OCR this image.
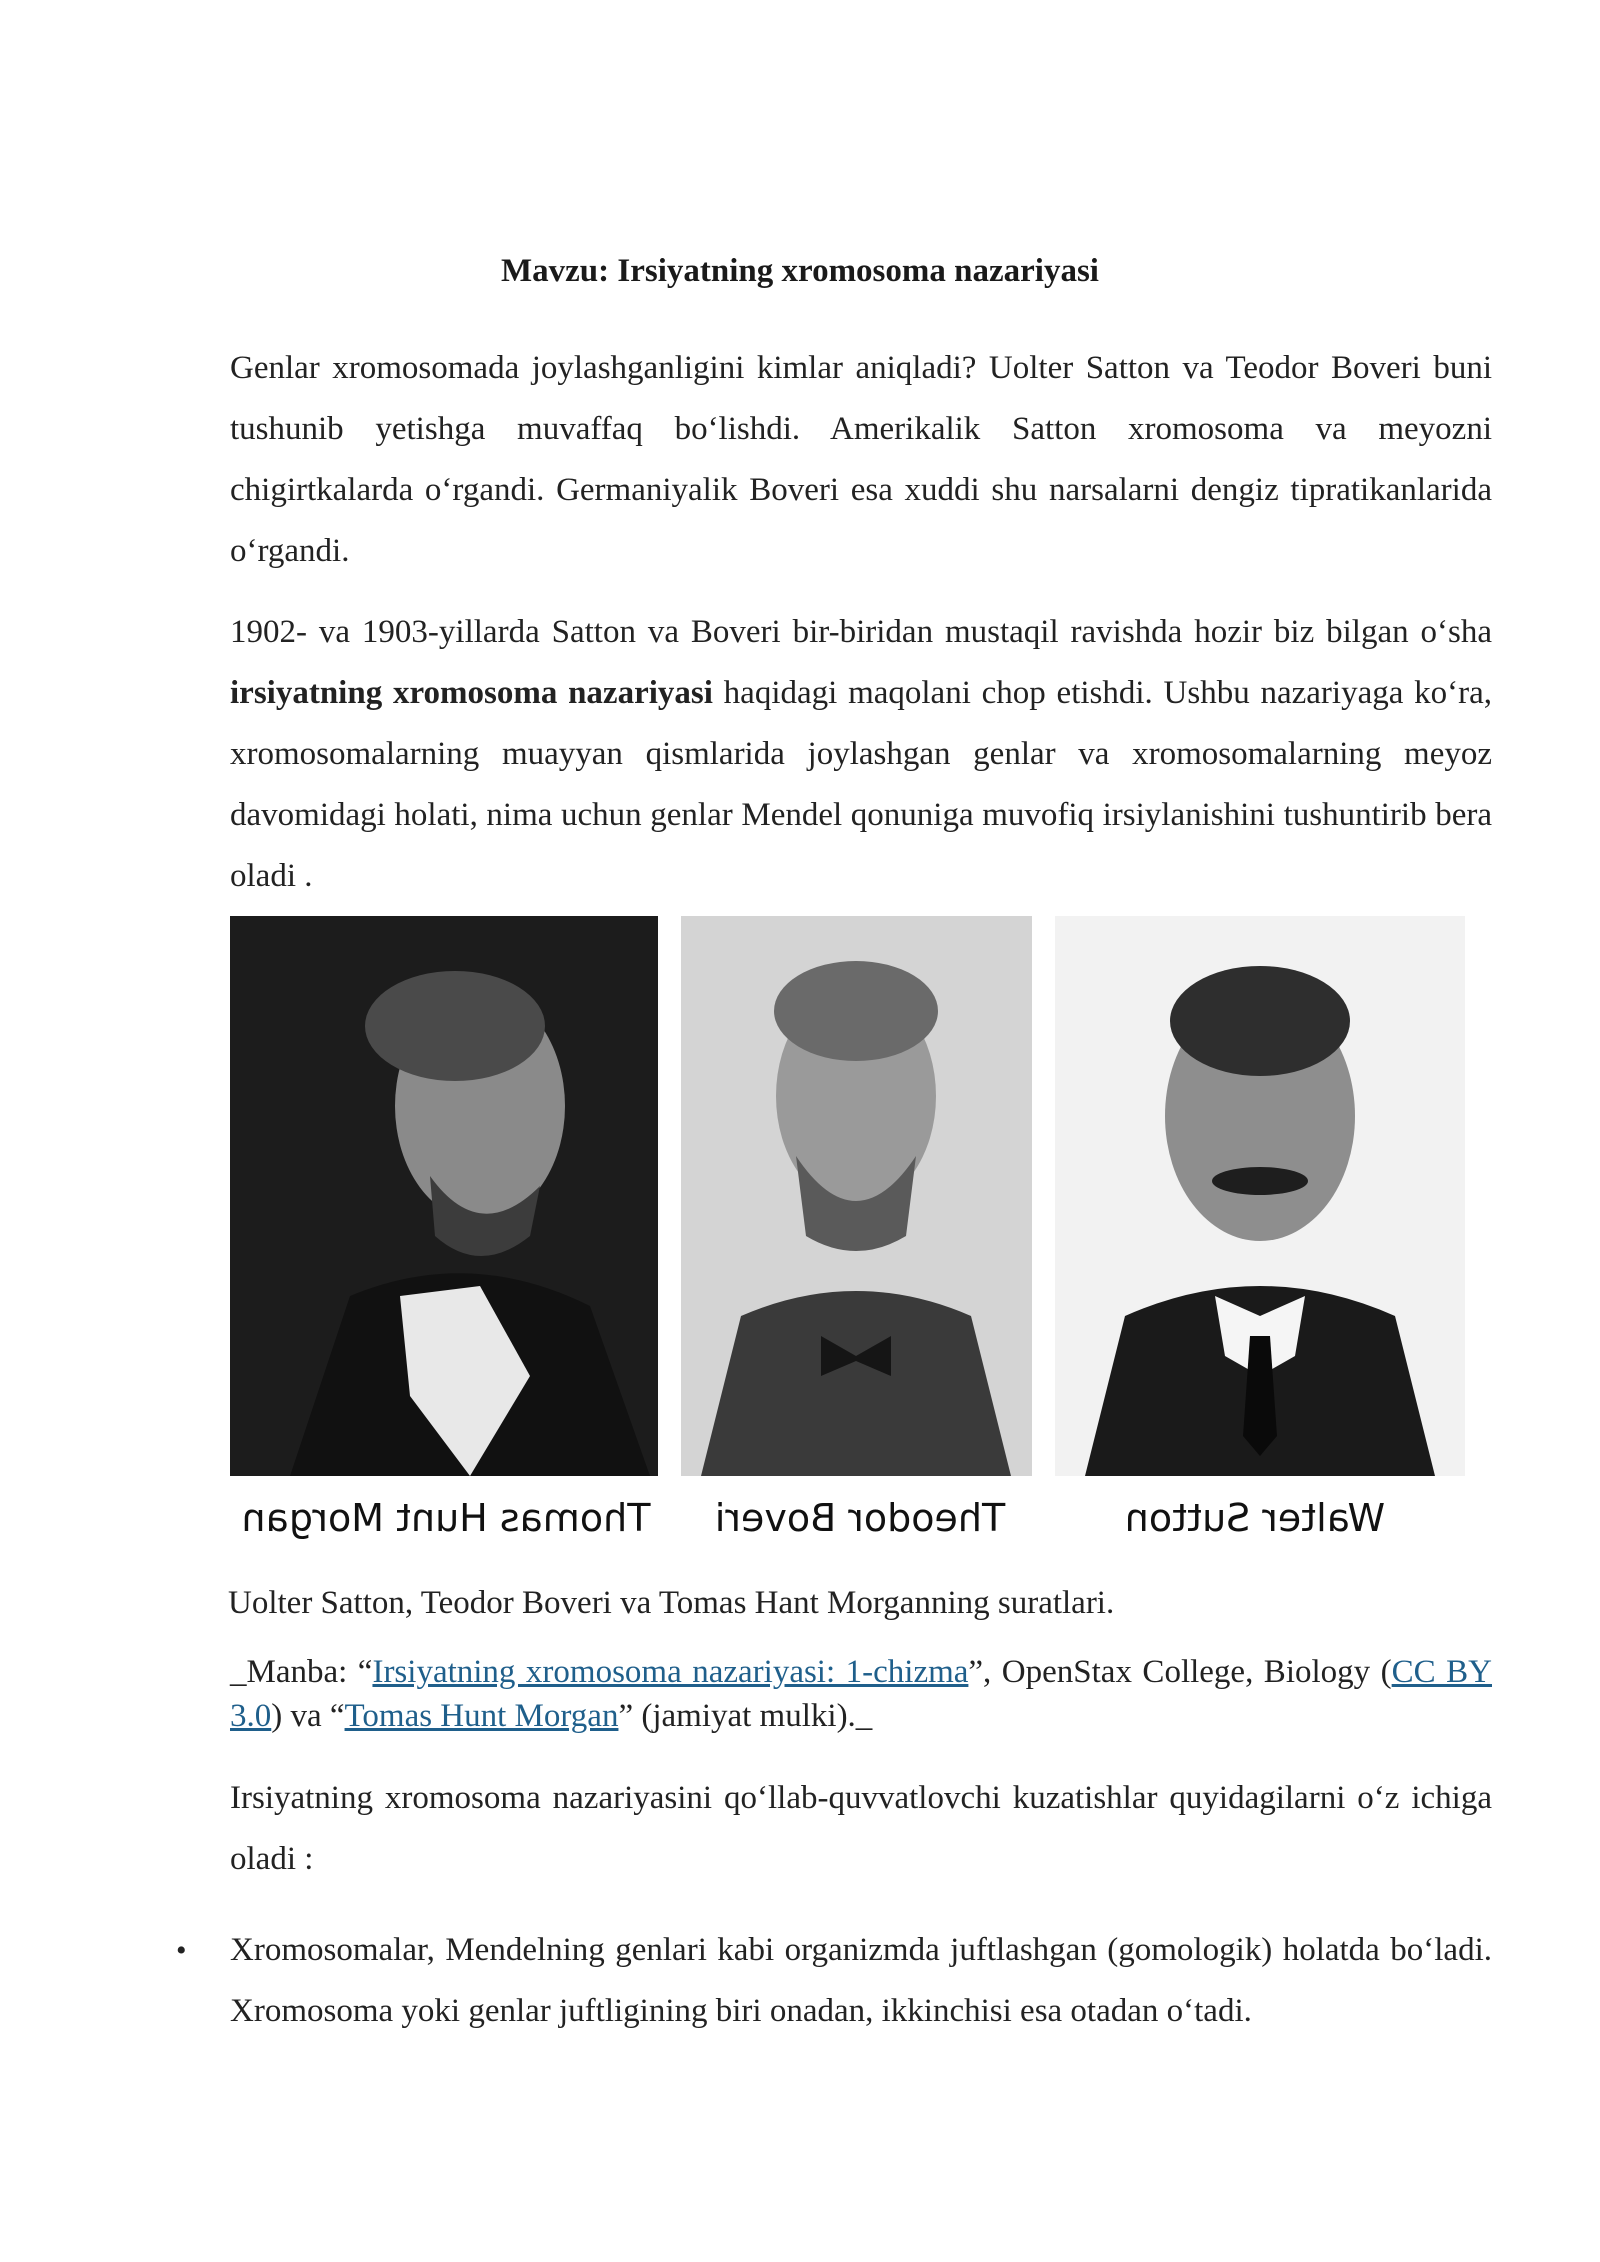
Mavzu: Irsiyatning xromosoma nazariyasi

Genlar xromosomada joylashganligini kimlar aniqladi? Uolter Satton va Teodor Boveri buni tushunib yetishga muvaffaq bo‘lishdi. Amerikalik Satton xromosoma va meyozni chigirtkalarda o‘rgandi. Germaniyalik Boveri esa xuddi shu narsalarni dengiz tipratikanlarida o‘rgandi.

1902- va 1903-yillarda Satton va Boveri bir-biridan mustaqil ravishda hozir biz bilgan o‘sha irsiyatning xromosoma nazariyasi haqidagi maqolani chop etishdi. Ushbu nazariyaga ko‘ra, xromosomalarning muayyan qismlarida joylashgan genlar va xromosomalarning meyoz davomidagi holati, nima uchun genlar Mendel qonuniga muvofiq irsiylanishini tushuntirib bera oladi .

Thomas Hunt Morgan Theodor Boveri	Walter Sutton

Uolter Satton, Teodor Boveri va Tomas Hant Morganning suratlari.

_Manba: “Irsiyatning xromosoma nazariyasi: 1-chizma”, OpenStax College, Biology (CC BY 3.0) va “Tomas Hunt Morgan” (jamiyat mulki)._

Irsiyatning xromosoma nazariyasini qo‘llab-quvvatlovchi kuzatishlar quyidagilarni o‘z ichiga oladi :

• Xromosomalar, Mendelning genlari kabi organizmda juftlashgan (gomologik) holatda bo‘ladi. Xromosoma yoki genlar juftligining biri onadan, ikkinchisi esa otadan o‘tadi.
